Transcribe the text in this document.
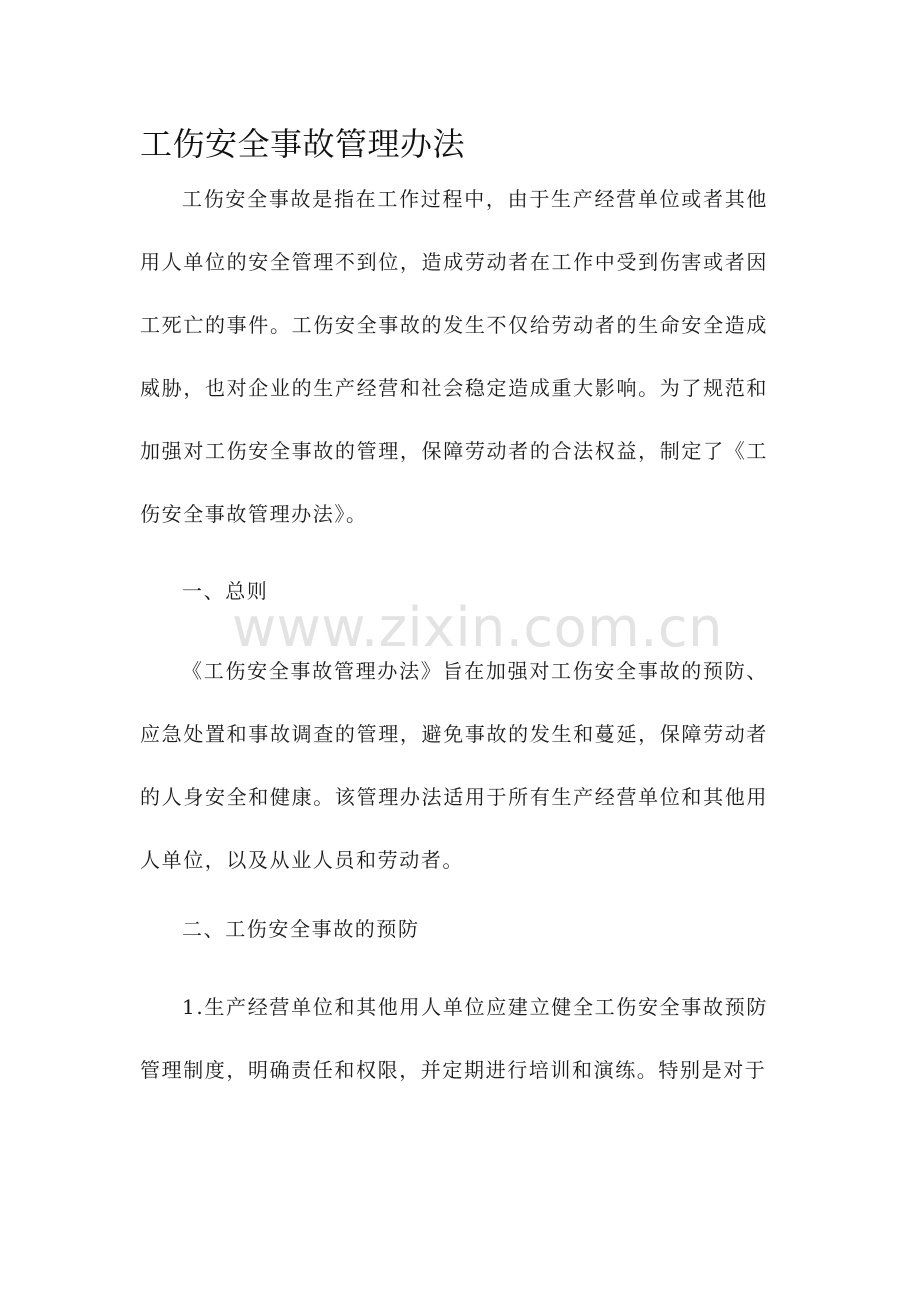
工伤安全事故管理办法

工伤安全事故是指在工作过程中，由于生产经营单位或者其他用人单位的安全管理不到位，造成劳动者在工作中受到伤害或者因工死亡的事件。工伤安全事故的发生不仅给劳动者的生命安全造成威胁，也对企业的生产经营和社会稳定造成重大影响。为了规范和加强对工伤安全事故的管理，保障劳动者的合法权益，制定了《工伤安全事故管理办法》。

一、总则

《工伤安全事故管理办法》旨在加强对工伤安全事故的预防、应急处置和事故调查的管理，避免事故的发生和蔓延，保障劳动者的人身安全和健康。该管理办法适用于所有生产经营单位和其他用人单位，以及从业人员和劳动者。

二、工伤安全事故的预防

1.生产经营单位和其他用人单位应建立健全工伤安全事故预防管理制度，明确责任和权限，并定期进行培训和演练。特别是对于

www.zixin.com.cn
